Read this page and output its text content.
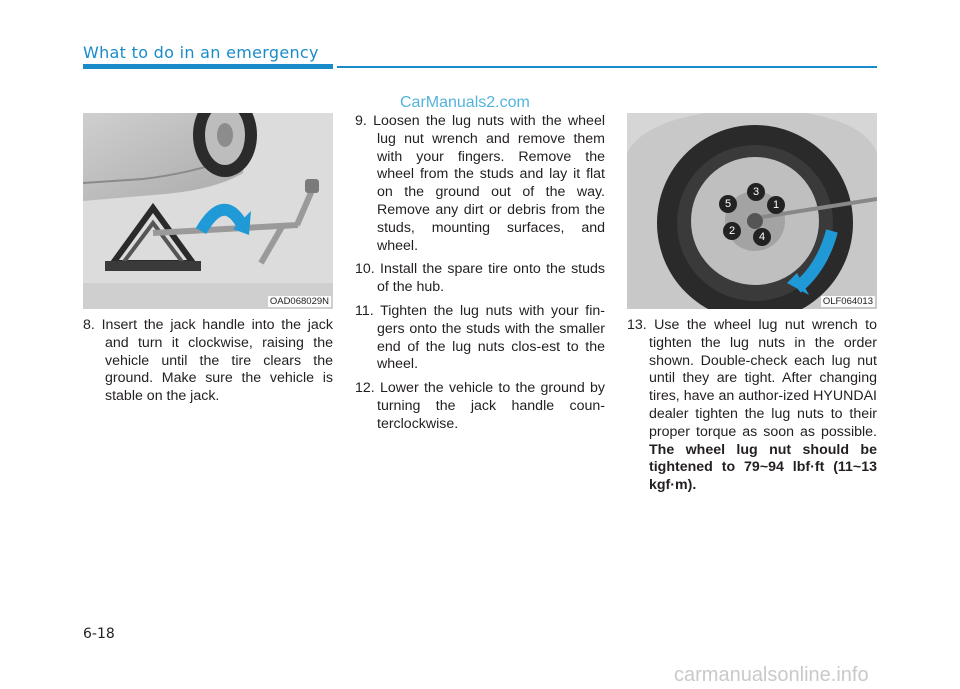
What to do in an emergency
CarManuals2.com
OAD068029N
1
2
3
4
5
OLF064013

8. Insert the jack handle into the jack and turn it clockwise, raising the vehicle until the tire clears the ground. Make sure the vehicle is stable on the jack.

9. Loosen the lug nuts with the wheel lug nut wrench and remove them with your fingers. Remove the wheel from the studs and lay it flat on the ground out of the way. Remove any dirt or debris from the studs, mounting surfaces, and wheel.

10. Install the spare tire onto the studs of the hub.

11. Tighten the lug nuts with your fin-gers onto the studs with the smaller end of the lug nuts clos-est to the wheel.

12. Lower the vehicle to the ground by turning the jack handle coun-terclockwise.

13. Use the wheel lug nut wrench to tighten the lug nuts in the order shown. Double-check each lug nut until they are tight. After changing tires, have an author-ized HYUNDAI dealer tighten the lug nuts to their proper torque as soon as possible. The wheel lug nut should be tightened to 79~94 lbf·ft (11~13 kgf·m).

6-18
carmanualsonline.info
